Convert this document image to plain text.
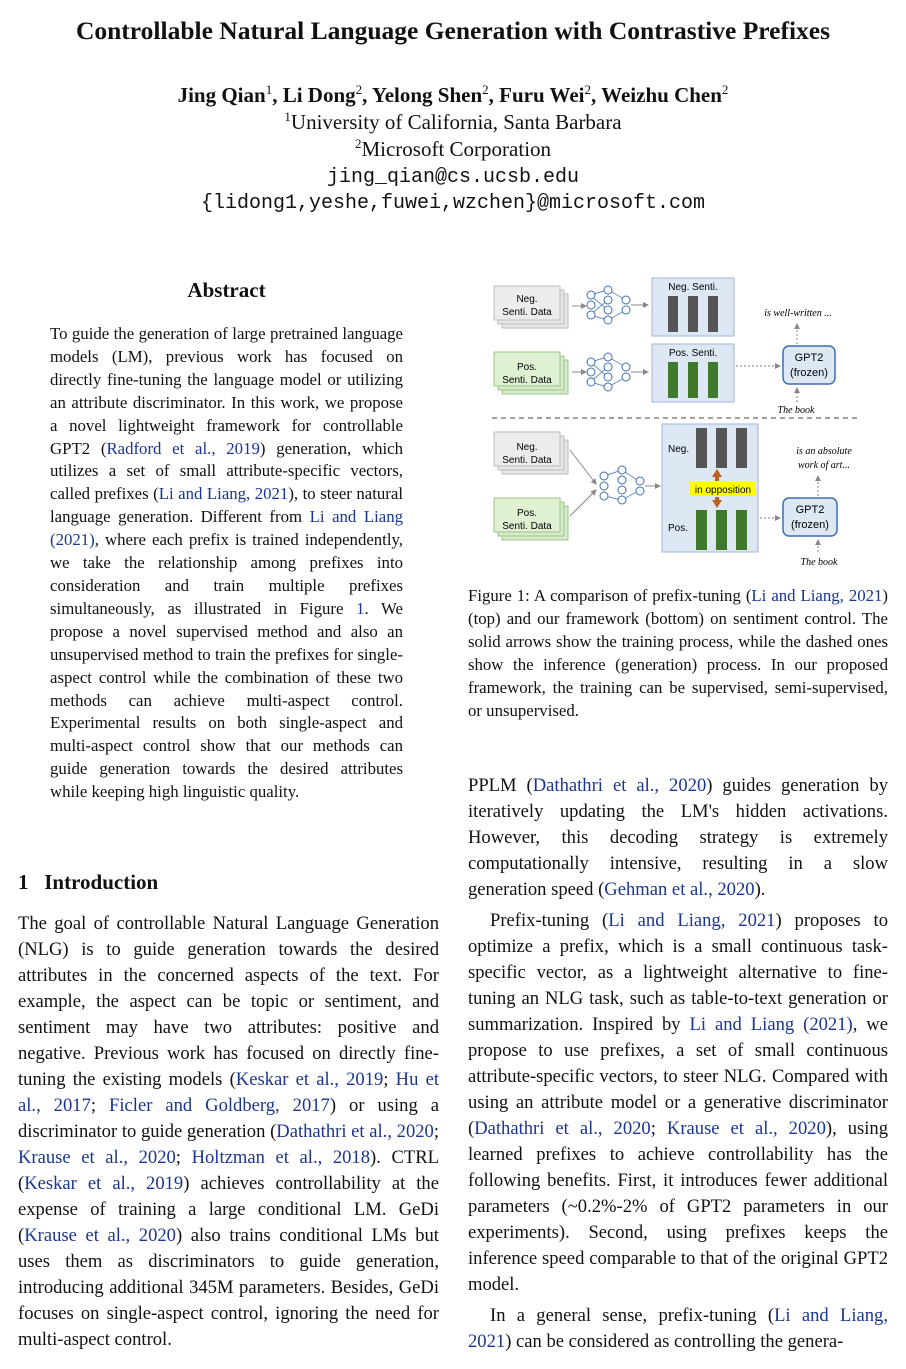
Controllable Natural Language Generation with Contrastive Prefixes
Jing Qian$^1$, Li Dong$^2$, Yelong Shen$^2$, Furu Wei$^2$, Weizhu Chen$^2$
$^1$University of California, Santa Barbara
$^2$Microsoft Corporation
jing_qian@cs.ucsb.edu
{lidong1,yeshe,fuwei,wzchen}@microsoft.com
Abstract
To guide the generation of large pretrained language models (LM), previous work has focused on directly fine-tuning the language model or utilizing an attribute discriminator. In this work, we propose a novel lightweight framework for controllable GPT2 (Radford et al., 2019) generation, which utilizes a set of small attribute-specific vectors, called prefixes (Li and Liang, 2021), to steer natural language generation. Different from Li and Liang (2021), where each prefix is trained independently, we take the relationship among prefixes into consideration and train multiple prefixes simultaneously, as illustrated in Figure 1. We propose a novel supervised method and also an unsupervised method to train the prefixes for single-aspect control while the combination of these two methods can achieve multi-aspect control. Experimental results on both single-aspect and multi-aspect control show that our methods can guide generation towards the desired attributes while keeping high linguistic quality.
1 Introduction
The goal of controllable Natural Language Generation (NLG) is to guide generation towards the desired attributes in the concerned aspects of the text. For example, the aspect can be topic or sentiment, and sentiment may have two attributes: positive and negative. Previous work has focused on directly fine-tuning the existing models (Keskar et al., 2019; Hu et al., 2017; Ficler and Goldberg, 2017) or using a discriminator to guide generation (Dathathri et al., 2020; Krause et al., 2020; Holtzman et al., 2018). CTRL (Keskar et al., 2019) achieves controllability at the expense of training a large conditional LM. GeDi (Krause et al., 2020) also trains conditional LMs but uses them as discriminators to guide generation, introducing additional 345M parameters. Besides, GeDi focuses on single-aspect control, ignoring the need for multi-aspect control.
Neg.
Senti. Data
Pos.
Senti. Data
Neg. Senti.
Pos. Senti.	GPT2
(frozen)
is well-written ...
The book
Neg.
Senti. Data
Pos.
Senti. Data
Neg.
Pos.
in opposition
GPT2
(frozen)
is an absolute
work of art...
The book
Figure 1: A comparison of prefix-tuning (Li and Liang, 2021) (top) and our framework (bottom) on sentiment control. The solid arrows show the training process, while the dashed ones show the inference (generation) process. In our proposed framework, the training can be supervised, semi-supervised, or unsupervised.

PPLM (Dathathri et al., 2020) guides generation by iteratively updating the LM's hidden activations. However, this decoding strategy is extremely computationally intensive, resulting in a slow generation speed (Gehman et al., 2020).

Prefix-tuning (Li and Liang, 2021) proposes to optimize a prefix, which is a small continuous task-specific vector, as a lightweight alternative to fine-tuning an NLG task, such as table-to-text generation or summarization. Inspired by Li and Liang (2021), we propose to use prefixes, a set of small continuous attribute-specific vectors, to steer NLG. Compared with using an attribute model or a generative discriminator (Dathathri et al., 2020; Krause et al., 2020), using learned prefixes to achieve controllability has the following benefits. First, it introduces fewer additional parameters (~0.2%-2% of GPT2 parameters in our experiments). Second, using prefixes keeps the inference speed comparable to that of the original GPT2 model.

In a general sense, prefix-tuning (Li and Liang, 2021) can be considered as controlling the genera-
